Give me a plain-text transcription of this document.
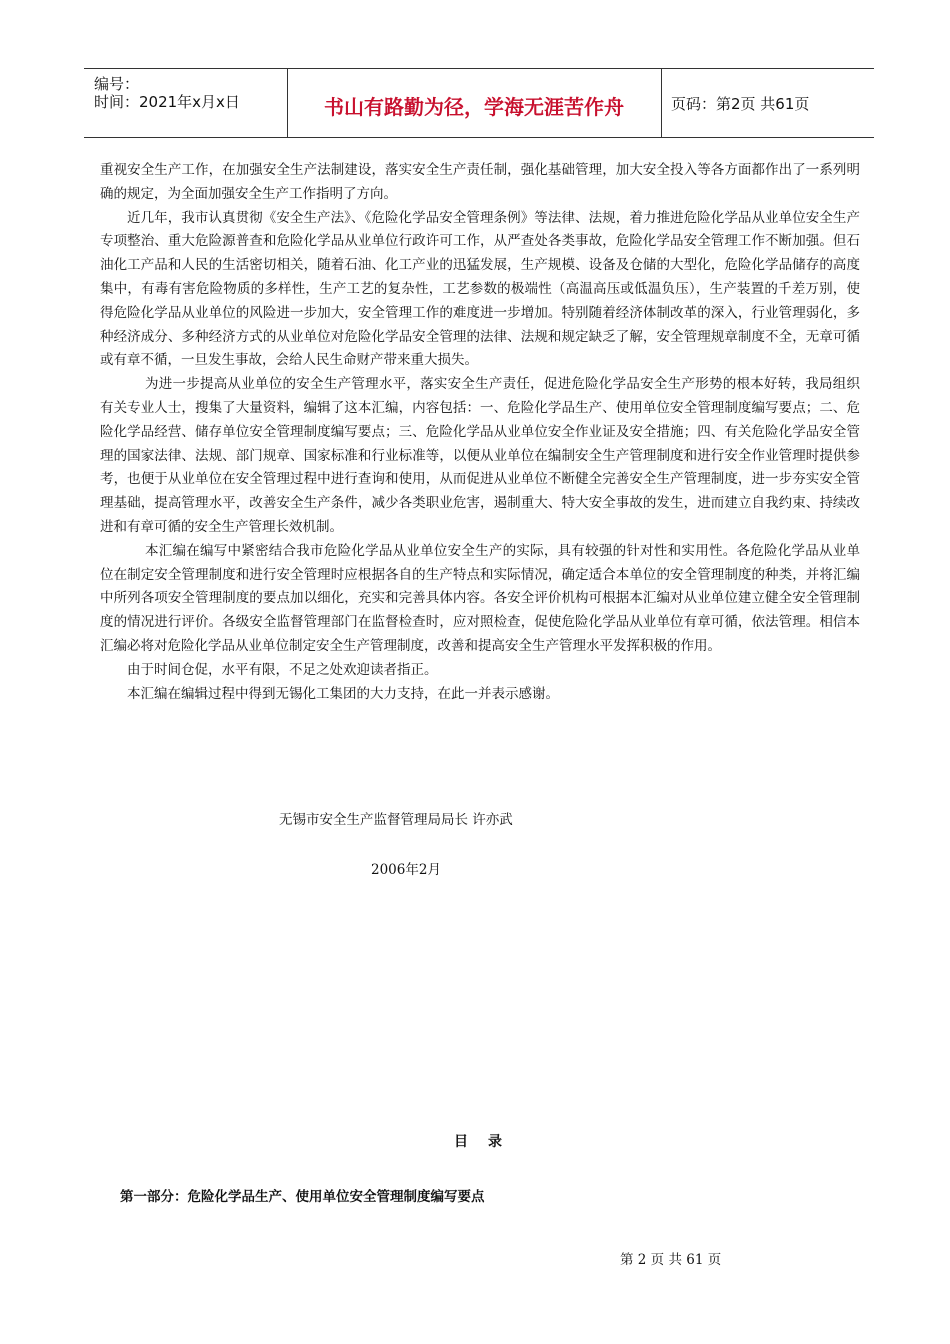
编号：
时间：2021年x月x日	书山有路勤为径，学海无涯苦作舟	页码：第2页 共61页

重视安全生产工作，在加强安全生产法制建设，落实安全生产责任制，强化基础管理，加大安全投入等各方面都作出了一系列明确的规定，为全面加强安全生产工作指明了方向。

近几年，我市认真贯彻《安全生产法》、《危险化学品安全管理条例》等法律、法规，着力推进危险化学品从业单位安全生产专项整治、重大危险源普查和危险化学品从业单位行政许可工作，从严查处各类事故，危险化学品安全管理工作不断加强。但石油化工产品和人民的生活密切相关，随着石油、化工产业的迅猛发展，生产规模、设备及仓储的大型化，危险化学品储存的高度集中，有毒有害危险物质的多样性，生产工艺的复杂性，工艺参数的极端性（高温高压或低温负压），生产装置的千差万别，使得危险化学品从业单位的风险进一步加大，安全管理工作的难度进一步增加。特别随着经济体制改革的深入，行业管理弱化，多种经济成分、多种经济方式的从业单位对危险化学品安全管理的法律、法规和规定缺乏了解，安全管理规章制度不全，无章可循或有章不循，一旦发生事故，会给人民生命财产带来重大损失。

为进一步提高从业单位的安全生产管理水平，落实安全生产责任，促进危险化学品安全生产形势的根本好转，我局组织有关专业人士，搜集了大量资料，编辑了这本汇编，内容包括：一、危险化学品生产、使用单位安全管理制度编写要点；二、危险化学品经营、储存单位安全管理制度编写要点；三、危险化学品从业单位安全作业证及安全措施；四、有关危险化学品安全管理的国家法律、法规、部门规章、国家标准和行业标准等，以便从业单位在编制安全生产管理制度和进行安全作业管理时提供参考，也便于从业单位在安全管理过程中进行查询和使用，从而促进从业单位不断健全完善安全生产管理制度，进一步夯实安全管理基础，提高管理水平，改善安全生产条件，减少各类职业危害，遏制重大、特大安全事故的发生，进而建立自我约束、持续改进和有章可循的安全生产管理长效机制。

本汇编在编写中紧密结合我市危险化学品从业单位安全生产的实际，具有较强的针对性和实用性。各危险化学品从业单位在制定安全管理制度和进行安全管理时应根据各自的生产特点和实际情况，确定适合本单位的安全管理制度的种类，并将汇编中所列各项安全管理制度的要点加以细化，充实和完善具体内容。各安全评价机构可根据本汇编对从业单位建立健全安全管理制度的情况进行评价。各级安全监督管理部门在监督检查时，应对照检查，促使危险化学品从业单位有章可循，依法管理。相信本汇编必将对危险化学品从业单位制定安全生产管理制度，改善和提高安全生产管理水平发挥积极的作用。

由于时间仓促，水平有限，不足之处欢迎读者指正。

本汇编在编辑过程中得到无锡化工集团的大力支持，在此一并表示感谢。

无锡市安全生产监督管理局局长 许亦武
2006年2月
目录
第一部分：危险化学品生产、使用单位安全管理制度编写要点
第 2 页 共 61 页
